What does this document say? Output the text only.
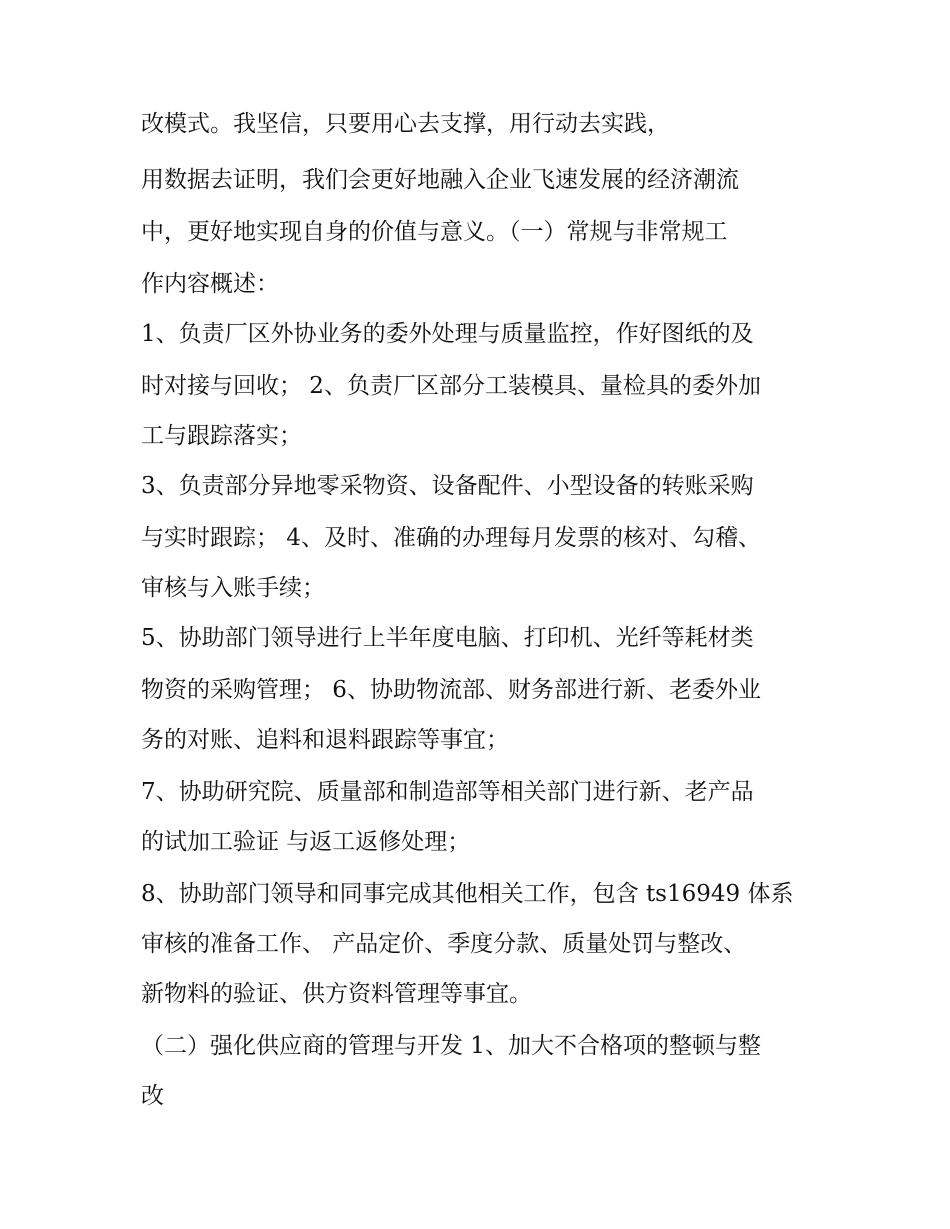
改模式。我坚信，只要用心去支撑，用行动去实践，
用数据去证明，我们会更好地融入企业飞速发展的经济潮流
中，更好地实现自身的价值与意义。（一）常规与非常规工
作内容概述：
1、负责厂区外协业务的委外处理与质量监控，作好图纸的及
时对接与回收； 2、负责厂区部分工装模具、量检具的委外加
工与跟踪落实；
3、负责部分异地零采物资、设备配件、小型设备的转账采购
与实时跟踪； 4、及时、准确的办理每月发票的核对、勾稽、
审核与入账手续；
5、协助部门领导进行上半年度电脑、打印机、光纤等耗材类
物资的采购管理； 6、协助物流部、财务部进行新、老委外业
务的对账、追料和退料跟踪等事宜；
7、协助研究院、质量部和制造部等相关部门进行新、老产品
的试加工验证 与返工返修处理；
8、协助部门领导和同事完成其他相关工作，包含 ts16949 体系
审核的准备工作、 产品定价、季度分款、质量处罚与整改、
新物料的验证、供方资料管理等事宜。
（二）强化供应商的管理与开发 1、加大不合格项的整顿与整
改
